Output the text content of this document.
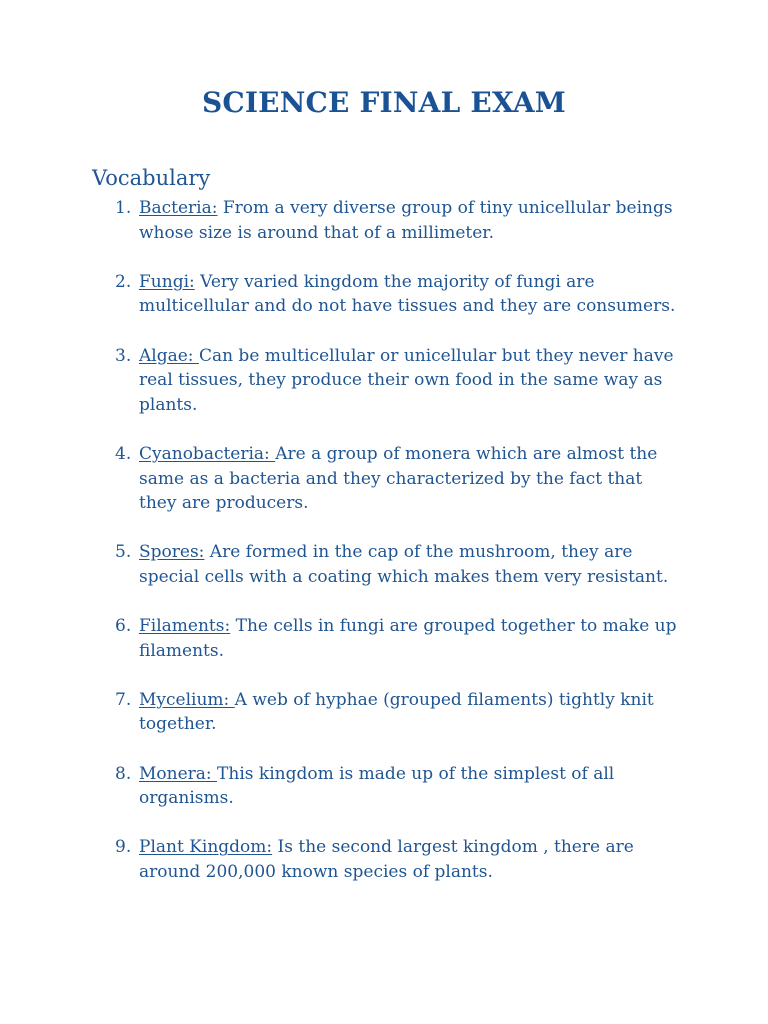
SCIENCE FINAL EXAM
Vocabulary
1. Bacteria: From a very diverse group of tiny unicellular beings whose size is around that of a millimeter.
2. Fungi: Very varied kingdom the majority of fungi are multicellular and do not have tissues and they are consumers.
3. Algae: Can be multicellular or unicellular but they never have real tissues, they produce their own food in the same way as plants.
4. Cyanobacteria: Are a group of monera which are almost the same as a bacteria and they characterized by the fact that they are producers.
5. Spores: Are formed in the cap of the mushroom, they are special cells with a coating which makes them very resistant.
6. Filaments: The cells in fungi are grouped together to make up filaments.
7. Mycelium: A web of hyphae (grouped filaments) tightly knit together.
8. Monera: This kingdom is made up of the simplest of all organisms.
9. Plant Kingdom: Is the second largest kingdom , there are around 200,000 known species of plants.
